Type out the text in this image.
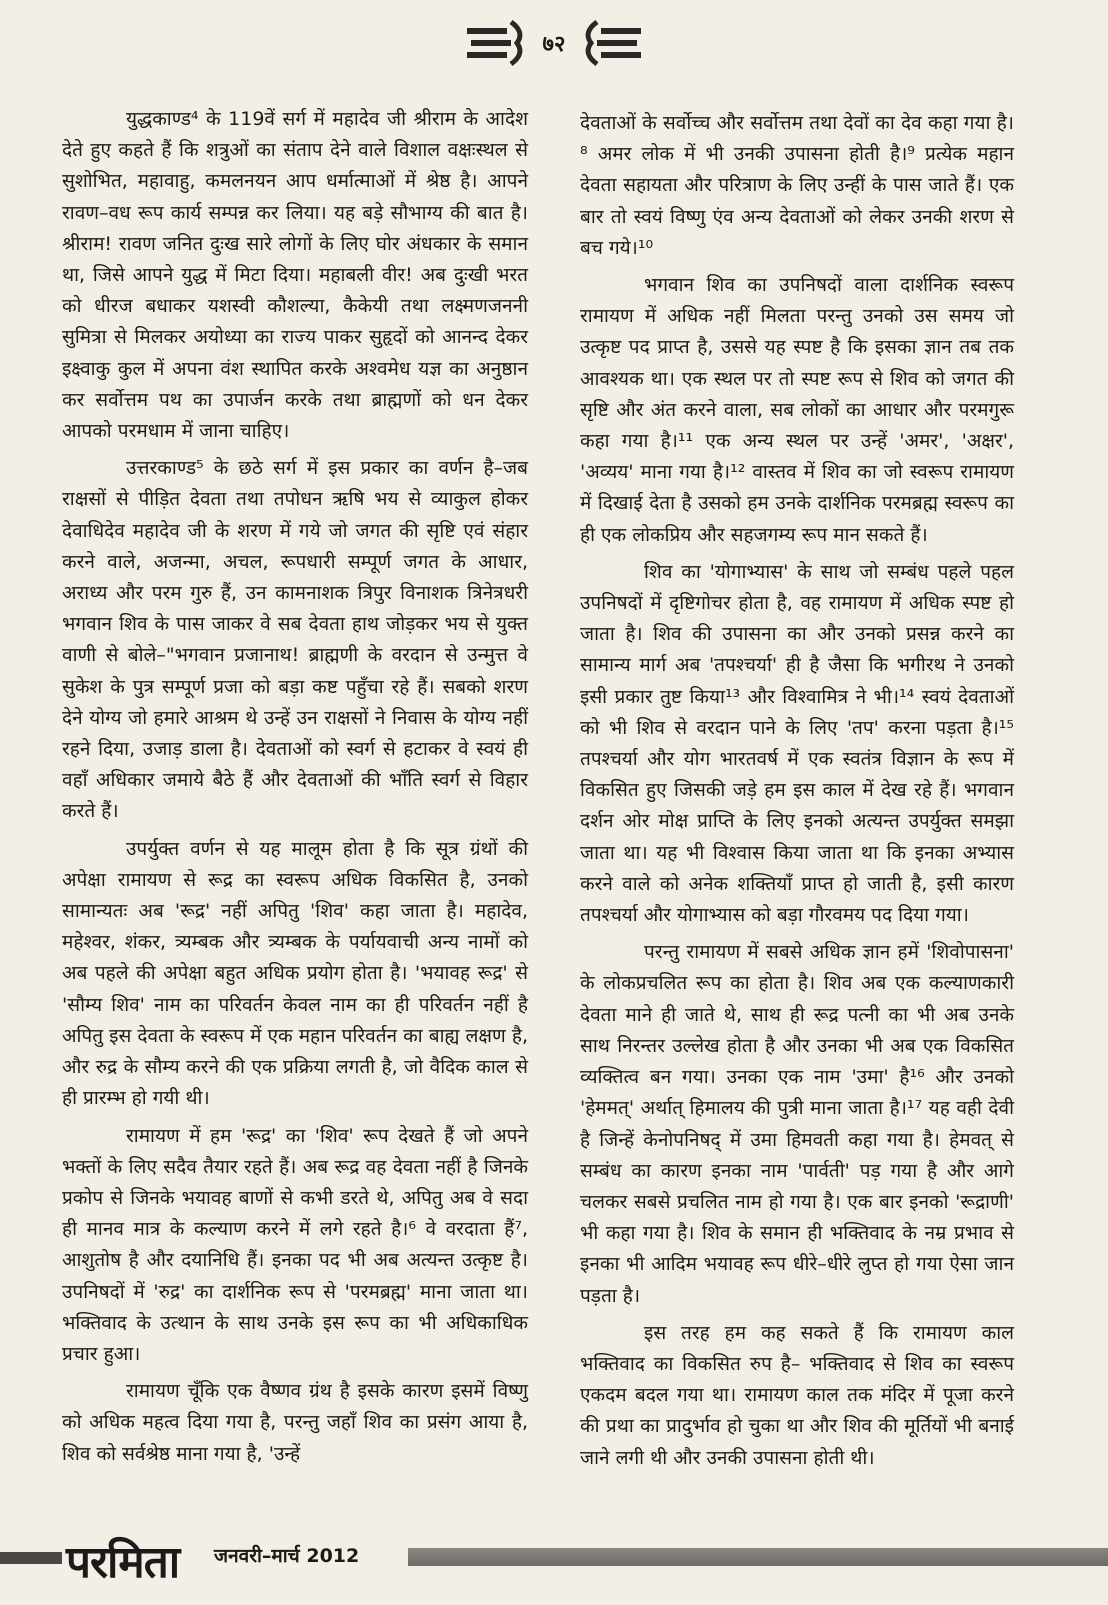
७२

युद्धकाण्ड⁴ के 119वें सर्ग में महादेव जी श्रीराम के आदेश देते हुए कहते हैं कि शत्रुओं का संताप देने वाले विशाल वक्षःस्थल से सुशोभित, महावाहु, कमलनयन आप धर्मात्माओं में श्रेष्ठ है। आपने रावण–वध रूप कार्य सम्पन्न कर लिया। यह बड़े सौभाग्य की बात है। श्रीराम! रावण जनित दुःख सारे लोगों के लिए घोर अंधकार के समान था, जिसे आपने युद्ध में मिटा दिया। महाबली वीर! अब दुःखी भरत को धीरज बधाकर यशस्वी कौशल्या, कैकेयी तथा लक्ष्मणजननी सुमित्रा से मिलकर अयोध्या का राज्य पाकर सुहृदों को आनन्द देकर इक्ष्वाकु कुल में अपना वंश स्थापित करके अश्वमेध यज्ञ का अनुष्ठान कर सर्वोत्तम पथ का उपार्जन करके तथा ब्राह्मणों को धन देकर आपको परमधाम में जाना चाहिए।

उत्तरकाण्ड⁵ के छठे सर्ग में इस प्रकार का वर्णन है–जब राक्षसों से पीड़ित देवता तथा तपोधन ऋषि भय से व्याकुल होकर देवाधिदेव महादेव जी के शरण में गये जो जगत की सृष्टि एवं संहार करने वाले, अजन्मा, अचल, रूपधारी सम्पूर्ण जगत के आधार, अराध्य और परम गुरु हैं, उन कामनाशक त्रिपुर विनाशक त्रिनेत्रधरी भगवान शिव के पास जाकर वे सब देवता हाथ जोड़कर भय से युक्त वाणी से बोले–"भगवान प्रजानाथ! ब्राह्मणी के वरदान से उन्मुत्त वे सुकेश के पुत्र सम्पूर्ण प्रजा को बड़ा कष्ट पहुँचा रहे हैं। सबको शरण देने योग्य जो हमारे आश्रम थे उन्हें उन राक्षसों ने निवास के योग्य नहीं रहने दिया, उजाड़ डाला है। देवताओं को स्वर्ग से हटाकर वे स्वयं ही वहाँ अधिकार जमाये बैठे हैं और देवताओं की भाँति स्वर्ग से विहार करते हैं।

उपर्युक्त वर्णन से यह मालूम होता है कि सूत्र ग्रंथों की अपेक्षा रामायण से रूद्र का स्वरूप अधिक विकसित है, उनको सामान्यतः अब 'रूद्र' नहीं अपितु 'शिव' कहा जाता है। महादेव, महेश्वर, शंकर, त्र्यम्बक और त्र्यम्बक के पर्यायवाची अन्य नामों को अब पहले की अपेक्षा बहुत अधिक प्रयोग होता है। 'भयावह रूद्र' से 'सौम्य शिव' नाम का परिवर्तन केवल नाम का ही परिवर्तन नहीं है अपितु इस देवता के स्वरूप में एक महान परिवर्तन का बाह्य लक्षण है, और रुद्र के सौम्य करने की एक प्रक्रिया लगती है, जो वैदिक काल से ही प्रारम्भ हो गयी थी।

रामायण में हम 'रूद्र' का 'शिव' रूप देखते हैं जो अपने भक्तों के लिए सदैव तैयार रहते हैं। अब रूद्र वह देवता नहीं है जिनके प्रकोप से जिनके भयावह बाणों से कभी डरते थे, अपितु अब वे सदा ही मानव मात्र के कल्याण करने में लगे रहते है।⁶ वे वरदाता हैं⁷, आशुतोष है और दयानिधि हैं। इनका पद भी अब अत्यन्त उत्कृष्ट है। उपनिषदों में 'रुद्र' का दार्शनिक रूप से 'परमब्रह्म' माना जाता था। भक्तिवाद के उत्थान के साथ उनके इस रूप का भी अधिकाधिक प्रचार हुआ।

रामायण चूँकि एक वैष्णव ग्रंथ है इसके कारण इसमें विष्णु को अधिक महत्व दिया गया है, परन्तु जहाँ शिव का प्रसंग आया है, शिव को सर्वश्रेष्ठ माना गया है, 'उन्हें

देवताओं के सर्वोच्च और सर्वोत्तम तथा देवों का देव कहा गया है।⁸ अमर लोक में भी उनकी उपासना होती है।⁹ प्रत्येक महान देवता सहायता और परित्राण के लिए उन्हीं के पास जाते हैं। एक बार तो स्वयं विष्णु एंव अन्य देवताओं को लेकर उनकी शरण से बच गये।¹⁰

भगवान शिव का उपनिषदों वाला दार्शनिक स्वरूप रामायण में अधिक नहीं मिलता परन्तु उनको उस समय जो उत्कृष्ट पद प्राप्त है, उससे यह स्पष्ट है कि इसका ज्ञान तब तक आवश्यक था। एक स्थल पर तो स्पष्ट रूप से शिव को जगत की सृष्टि और अंत करने वाला, सब लोकों का आधार और परमगुरू कहा गया है।¹¹ एक अन्य स्थल पर उन्हें 'अमर', 'अक्षर', 'अव्यय' माना गया है।¹² वास्तव में शिव का जो स्वरूप रामायण में दिखाई देता है उसको हम उनके दार्शनिक परमब्रह्म स्वरूप का ही एक लोकप्रिय और सहजगम्य रूप मान सकते हैं।

शिव का 'योगाभ्यास' के साथ जो सम्बंध पहले पहल उपनिषदों में दृष्टिगोचर होता है, वह रामायण में अधिक स्पष्ट हो जाता है। शिव की उपासना का और उनको प्रसन्न करने का सामान्य मार्ग अब 'तपश्चर्या' ही है जैसा कि भगीरथ ने उनको इसी प्रकार तुष्ट किया¹³ और विश्वामित्र ने भी।¹⁴ स्वयं देवताओं को भी शिव से वरदान पाने के लिए 'तप' करना पड़ता है।¹⁵ तपश्चर्या और योग भारतवर्ष में एक स्वतंत्र विज्ञान के रूप में विकसित हुए जिसकी जड़े हम इस काल में देख रहे हैं। भगवान दर्शन ओर मोक्ष प्राप्ति के लिए इनको अत्यन्त उपर्युक्त समझा जाता था। यह भी विश्वास किया जाता था कि इनका अभ्यास करने वाले को अनेक शक्तियाँ प्राप्त हो जाती है, इसी कारण तपश्चर्या और योगाभ्यास को बड़ा गौरवमय पद दिया गया।

परन्तु रामायण में सबसे अधिक ज्ञान हमें 'शिवोपासना' के लोकप्रचलित रूप का होता है। शिव अब एक कल्याणकारी देवता माने ही जाते थे, साथ ही रूद्र पत्नी का भी अब उनके साथ निरन्तर उल्लेख होता है और उनका भी अब एक विकसित व्यक्तित्व बन गया। उनका एक नाम 'उमा' है¹⁶ और उनको 'हेममत्' अर्थात् हिमालय की पुत्री माना जाता है।¹⁷ यह वही देवी है जिन्हें केनोपनिषद् में उमा हिमवती कहा गया है। हेमवत् से सम्बंध का कारण इनका नाम 'पार्वती' पड़ गया है और आगे चलकर सबसे प्रचलित नाम हो गया है। एक बार इनको 'रूद्राणी' भी कहा गया है। शिव के समान ही भक्तिवाद के नम्र प्रभाव से इनका भी आदिम भयावह रूप धीरे–धीरे लुप्त हो गया ऐसा जान पड़ता है।

इस तरह हम कह सकते हैं कि रामायण काल भक्तिवाद का विकसित रुप है– भक्तिवाद से शिव का स्वरूप एकदम बदल गया था। रामायण काल तक मंदिर में पूजा करने की प्रथा का प्रादुर्भाव हो चुका था और शिव की मूर्तियों भी बनाई जाने लगी थी और उनकी उपासना होती थी।

परमिता जनवरी–मार्च 2012
